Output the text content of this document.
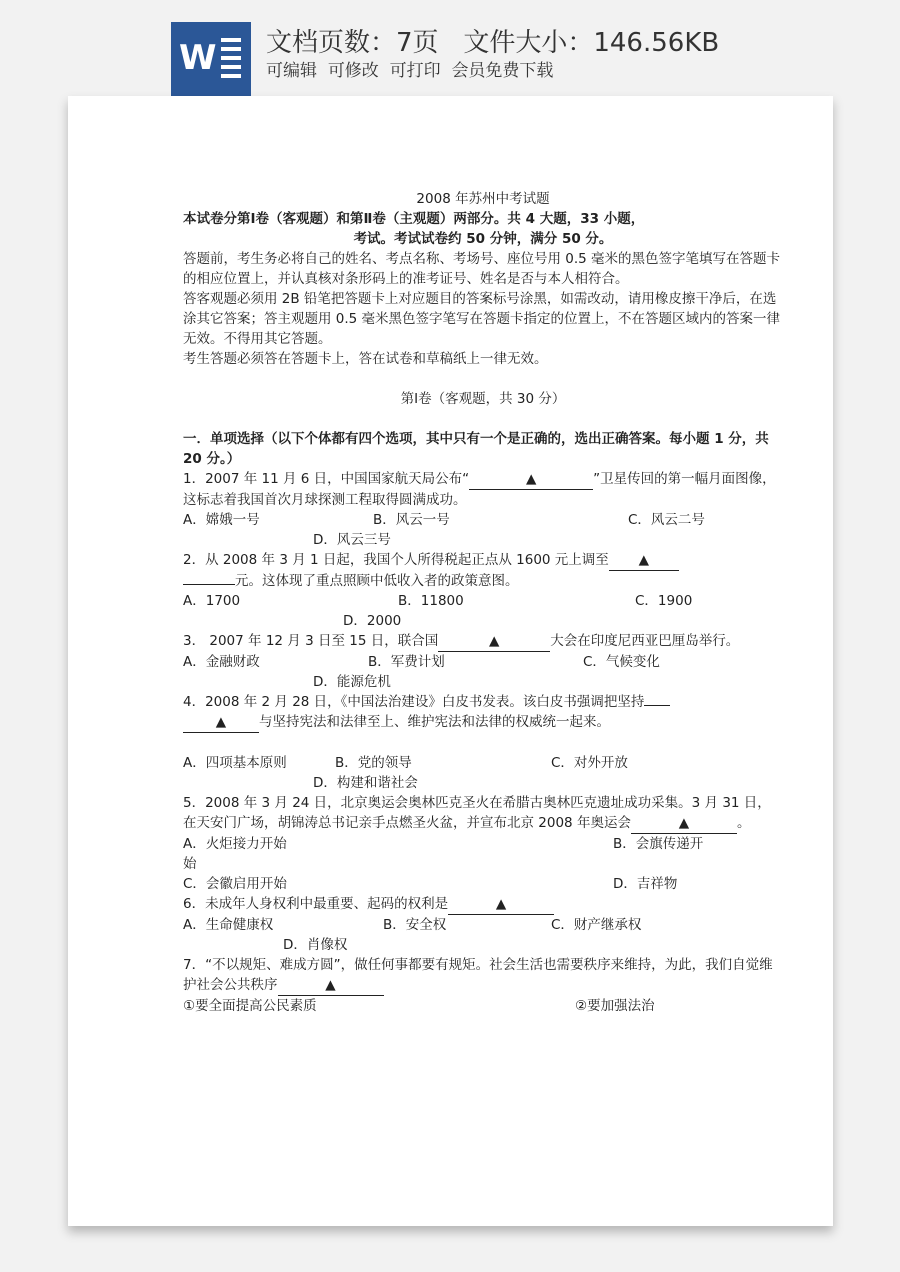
W 文档页数：7页 文件大小：146.56KB
可编辑 可修改 可打印 会员免费下载

2008 年苏州中考试题

本试卷分第Ⅰ卷（客观题）和第Ⅱ卷（主观题）两部分。共 4 大题，33 小题，

考试。考试试卷约 50 分钟，满分 50 分。

答题前，考生务必将自己的姓名、考点名称、考场号、座位号用 0.5 毫米的黑色签字笔填写在答题卡的相应位置上，并认真核对条形码上的准考证号、姓名是否与本人相符合。

答客观题必须用 2B 铅笔把答题卡上对应题目的答案标号涂黑，如需改动，请用橡皮擦干净后，在选涂其它答案；答主观题用 0.5 毫米黑色签字笔写在答题卡指定的位置上，不在答题区域内的答案一律无效。不得用其它答题。

考生答题必须答在答题卡上，答在试卷和草稿纸上一律无效。

第Ⅰ卷（客观题，共 30 分）

一．单项选择（以下个体都有四个选项，其中只有一个是正确的，选出正确答案。每小题 1 分，共 20 分。）

1．2007 年 11 月 6 日，中国国家航天局公布“	▲	”卫星传回的第一幅月面图像，这标志着我国首次月球探测工程取得圆满成功。

A．嫦娥一号	B．风云一号	C．风云二号
D．风云三号

2．从 2008 年 3 月 1 日起，我国个人所得税起正点从 1600 元上调至 ▲
元。这体现了重点照顾中低收入者的政策意图。

A．1700	B．11800	C．1900
D．2000

3． 2007 年 12 月 3 日至 15 日，联合国	▲	大会在印度尼西亚巴厘岛举行。

A．金融财政	B．军费计划	C．气候变化
D．能源危机

4．2008 年 2 月 28 日，《中国法治建设》白皮书发表。该白皮书强调把坚持
▲ 与坚持宪法和法律至上、维护宪法和法律的权威统一起来。

A．四项基本原则	B．党的领导	C．对外开放
D．构建和谐社会

5．2008 年 3 月 24 日，北京奥运会奥林匹克圣火在希腊古奥林匹克遗址成功采集。3 月 31 日，在天安门广场，胡锦涛总书记亲手点燃圣火盆，并宣布北京 2008 年奥运会	▲	。

A．火炬接力开始	B．会旗传递开
始
C．会徽启用开始	D．吉祥物

6．未成年人身权利中最重要、起码的权利是	▲

A．生命健康权	B．安全权	C．财产继承权
D．肖像权

7．“不以规矩、难成方圆”，做任何事都要有规矩。社会生活也需要秩序来维持，为此，我们自觉维护社会公共秩序	▲

①要全面提高公民素质	②要加强法治
